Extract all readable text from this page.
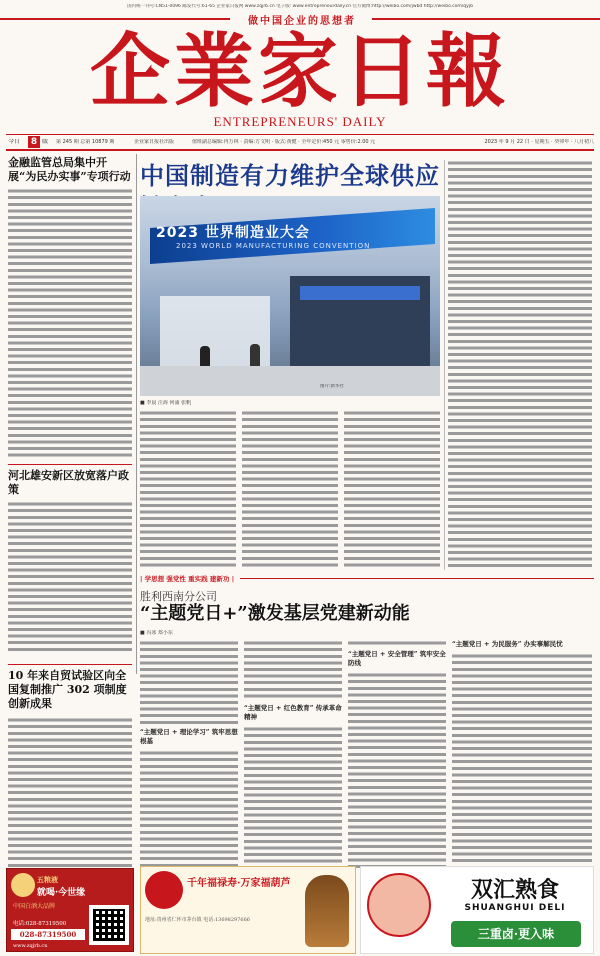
国内统一刊号:CN51-0096 邮发代号:61-65 企业家日报网 www.zqjrb.cn 电子版: www.entrepreneurdaily.cn 官方微博:http://weibo.com/jwbd http://weibo.com/qyjb
做中国企业的思想者
企業家日報
ENTREPRENEURS' DAILY
今日	8 版 第 245 期 总第 10879 期	企业家日报社出版	值班副总编辑:冉万林 · 责编:方文明 · 版式:黄健 · 全年定价:450 元 零售价:2.00 元	2023 年 9 月 22 日 · 星期五 · 癸卯年 · 八月初八
金融监管总局集中开展“为民办实事”专项行动
河北雄安新区放宽落户政策
10 年来自贸试验区向全国复制推广 302 项制度创新成果
五粮液
就喝·今世缘
中国白酒大品牌
电话:028-87319500
028-87319500
www.zqjrb.cn
中国制造有力维护全球供应
2023 世界制造业大会
2023 WORLD MANUFACTURING CONVENTION
图片:新华社
■ 李晨 汪海 何浦 张帆
| 学思想 强党性 重实践 建新功 |
胜利西南分公司
“主题党日+”激发基层党建新动能
■ 冯冰 郑小东
“主题党日 + 理论学习” 筑牢思想根基
“主题党日 + 红色教育” 传承革命精神
“主题党日 + 安全管理” 筑牢安全防线
“主题党日 + 为民服务” 办实事解民忧
千年福禄寿·万家福葫芦
地址:贵州省仁怀市茅台镇 电话:13698297666
双汇熟食
SHUANGHUI DELI
三重卤·更入味
